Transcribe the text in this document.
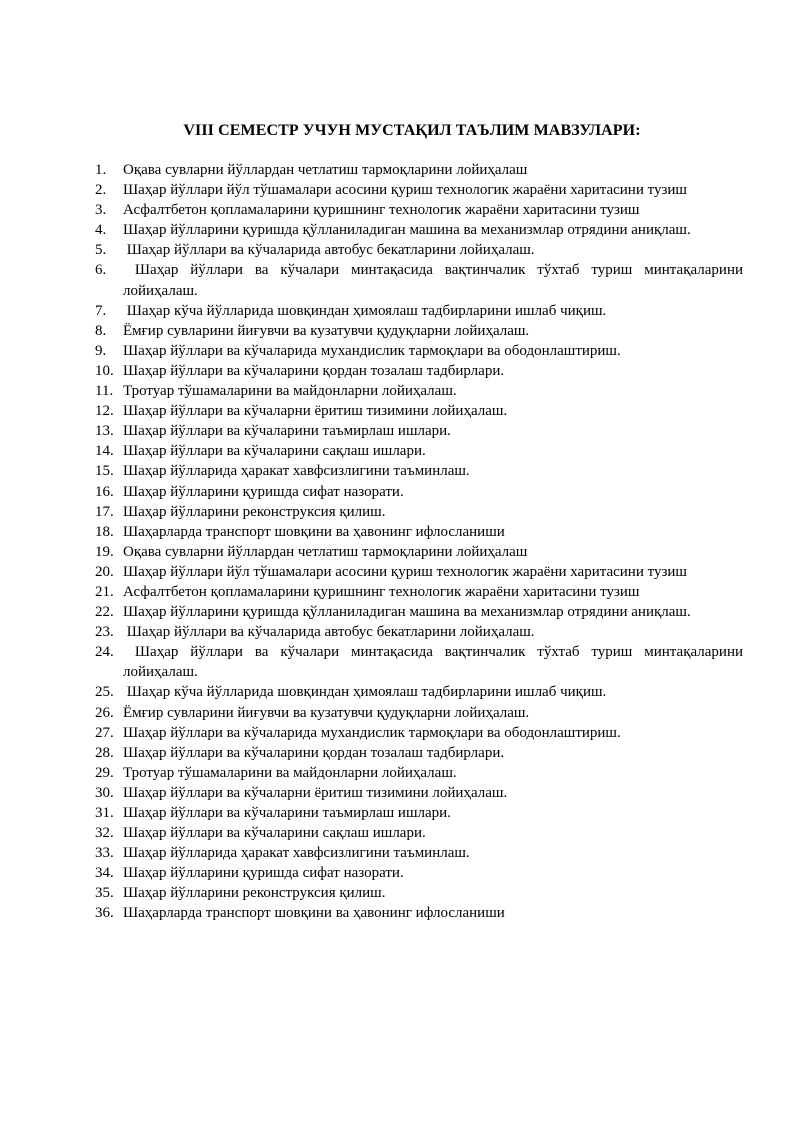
VIII СЕМЕСТР УЧУН МУСТАҚИЛ ТАЪЛИМ МАВЗУЛАРИ:
1. Оқава сувларни йўллардан четлатиш тармоқларини лойиҳалаш
2. Шаҳар йўллари йўл тўшамалари асосини қуриш технологик жараёни харитасини тузиш
3. Асфалтбетон қопламаларини қуришнинг технологик жараёни харитасини тузиш
4. Шаҳар йўлларини қуришда қўлланиладиган машина ва механизмлар отрядини аниқлаш.
5. Шаҳар йўллари ва кўчаларида автобус бекатларини лойиҳалаш.
6. Шаҳар йўллари ва кўчалари минтақасида вақтинчалик тўхтаб туриш минтақаларини лойиҳалаш.
7. Шаҳар кўча йўлларида шовқиндан ҳимоялаш тадбирларини ишлаб чиқиш.
8. Ёмғир сувларини йиғувчи ва кузатувчи қудуқларни лойиҳалаш.
9. Шаҳар йўллари ва кўчаларида мухандислик тармоқлари ва ободонлаштириш.
10. Шаҳар йўллари ва кўчаларини қордан тозалаш тадбирлари.
11. Тротуар тўшамаларини ва майдонларни лойиҳалаш.
12. Шаҳар йўллари ва кўчаларни ёритиш тизимини лойиҳалаш.
13. Шаҳар йўллари ва кўчаларини таъмирлаш ишлари.
14. Шаҳар йўллари ва кўчаларини сақлаш ишлари.
15. Шаҳар йўлларида ҳаракат хавфсизлигини таъминлаш.
16. Шаҳар йўлларини қуришда сифат назорати.
17. Шаҳар йўлларини реконструксия қилиш.
18. Шаҳарларда транспорт шовқини ва ҳавонинг ифлосланиши
19. Оқава сувларни йўллардан четлатиш тармоқларини лойиҳалаш
20. Шаҳар йўллари йўл тўшамалари асосини қуриш технологик жараёни харитасини тузиш
21. Асфалтбетон қопламаларини қуришнинг технологик жараёни харитасини тузиш
22. Шаҳар йўлларини қуришда қўлланиладиган машина ва механизмлар отрядини аниқлаш.
23. Шаҳар йўллари ва кўчаларида автобус бекатларини лойиҳалаш.
24. Шаҳар йўллари ва кўчалари минтақасида вақтинчалик тўхтаб туриш минтақаларини лойиҳалаш.
25. Шаҳар кўча йўлларида шовқиндан ҳимоялаш тадбирларини ишлаб чиқиш.
26. Ёмғир сувларини йиғувчи ва кузатувчи қудуқларни лойиҳалаш.
27. Шаҳар йўллари ва кўчаларида мухандислик тармоқлари ва ободонлаштириш.
28. Шаҳар йўллари ва кўчаларини қордан тозалаш тадбирлари.
29. Тротуар тўшамаларини ва майдонларни лойиҳалаш.
30. Шаҳар йўллари ва кўчаларни ёритиш тизимини лойиҳалаш.
31. Шаҳар йўллари ва кўчаларини таъмирлаш ишлари.
32. Шаҳар йўллари ва кўчаларини сақлаш ишлари.
33. Шаҳар йўлларида ҳаракат хавфсизлигини таъминлаш.
34. Шаҳар йўлларини қуришда сифат назорати.
35. Шаҳар йўлларини реконструксия қилиш.
36. Шаҳарларда транспорт шовқини ва ҳавонинг ифлосланиши
